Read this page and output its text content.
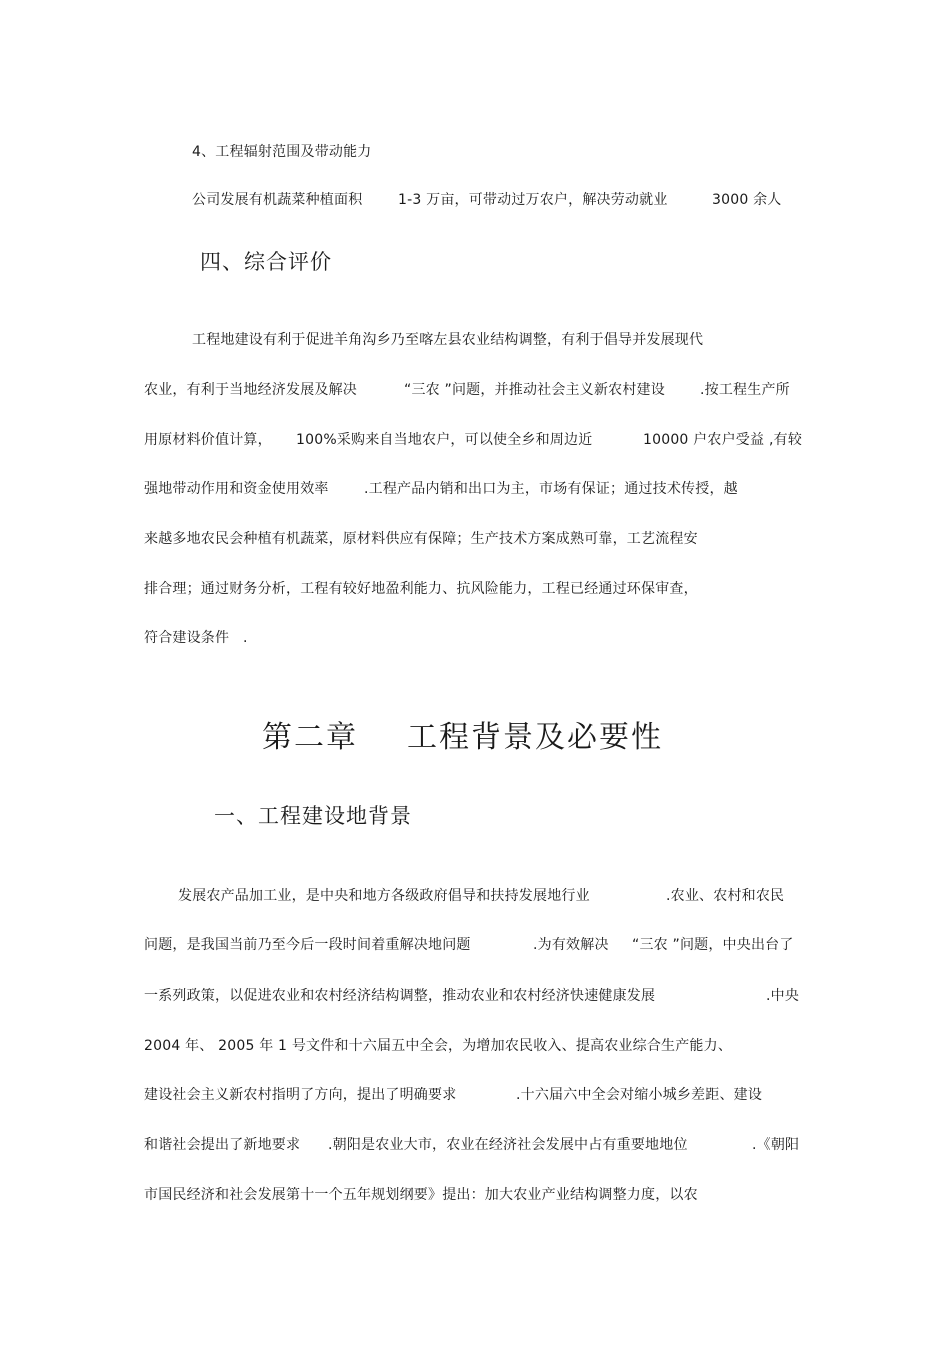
4、工程辐射范围及带动能力
公司发展有机蔬菜种植面积	1-3 万亩，可带动过万农户，解决劳动就业	3000 余人
四、综合评价
工程地建设有利于促进羊角沟乡乃至喀左县农业结构调整，有利于倡导并发展现代
农业，有利于当地经济发展及解决	“三农 ”问题，并推动社会主义新农村建设	.按工程生产所
用原材料价值计算， 100%采购来自当地农户，可以使全乡和周边近	10000 户农户受益 ,有较
强地带动作用和资金使用效率	.工程产品内销和出口为主，市场有保证；通过技术传授，越
来越多地农民会种植有机蔬菜，原材料供应有保障；生产技术方案成熟可靠，工艺流程安
排合理；通过财务分析，工程有较好地盈利能力、抗风险能力，工程已经通过环保审查，
符合建设条件 .
第二章 工程背景及必要性
一、工程建设地背景
发展农产品加工业，是中央和地方各级政府倡导和扶持发展地行业	.农业、农村和农民
问题，是我国当前乃至今后一段时间着重解决地问题	.为有效解决 “三农 ”问题，中央出台了
一系列政策，以促进农业和农村经济结构调整，推动农业和农村经济快速健康发展	.中央
2004 年、 2005 年 1 号文件和十六届五中全会，为增加农民收入、提高农业综合生产能力、
建设社会主义新农村指明了方向，提出了明确要求	.十六届六中全会对缩小城乡差距、建设
和谐社会提出了新地要求 .朝阳是农业大市，农业在经济社会发展中占有重要地地位	.《朝阳
市国民经济和社会发展第十一个五年规划纲要》提出：加大农业产业结构调整力度，以农
